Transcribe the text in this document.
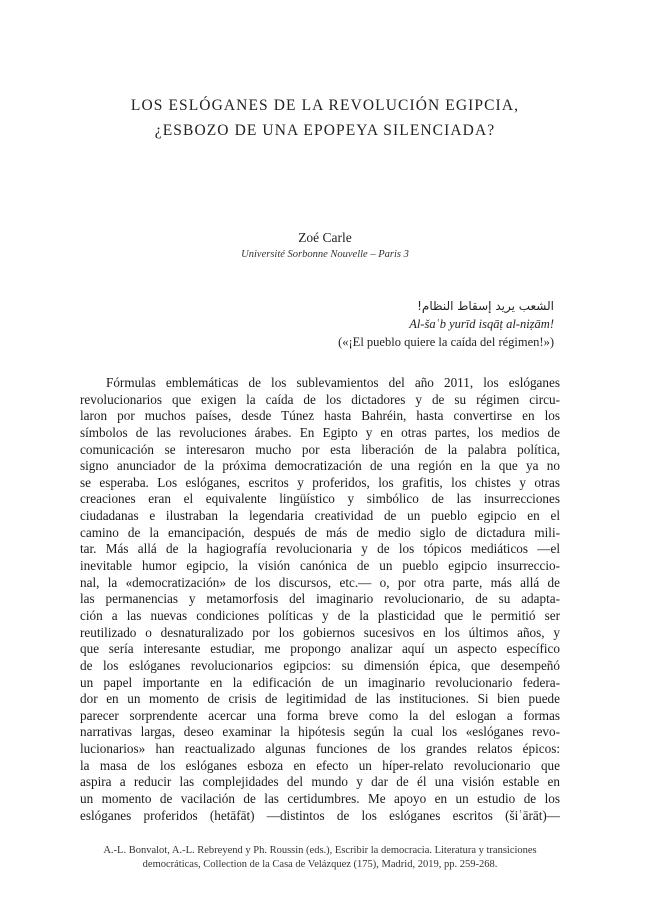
LOS ESLÓGANES DE LA REVOLUCIÓN EGIPCIA,
¿ESBOZO DE UNA EPOPEYA SILENCIADA?
Zoé Carle
Université Sorbonne Nouvelle – Paris 3
الشعب يريد إسقاط النظام!
Al-šaʿb yurīd isqāṭ al-niẓām!
(«¡El pueblo quiere la caída del régimen!»)
Fórmulas emblemáticas de los sublevamientos del año 2011, los eslóganes
revolucionarios que exigen la caída de los dictadores y de su régimen circu-
laron por muchos países, desde Túnez hasta Bahréin, hasta convertirse en los
símbolos de las revoluciones árabes. En Egipto y en otras partes, los medios de
comunicación se interesaron mucho por esta liberación de la palabra política,
signo anunciador de la próxima democratización de una región en la que ya no
se esperaba. Los eslóganes, escritos y proferidos, los grafitis, los chistes y otras
creaciones eran el equivalente lingüístico y simbólico de las insurrecciones
ciudadanas e ilustraban la legendaria creatividad de un pueblo egipcio en el
camino de la emancipación, después de más de medio siglo de dictadura mili-
tar. Más allá de la hagiografía revolucionaria y de los tópicos mediáticos —el
inevitable humor egipcio, la visión canónica de un pueblo egipcio insurreccio-
nal, la «democratización» de los discursos, etc.— o, por otra parte, más allá de
las permanencias y metamorfosis del imaginario revolucionario, de su adapta-
ción a las nuevas condiciones políticas y de la plasticidad que le permitió ser
reutilizado o desnaturalizado por los gobiernos sucesivos en los últimos años, y
que sería interesante estudiar, me propongo analizar aquí un aspecto específico
de los eslóganes revolucionarios egipcios: su dimensión épica, que desempeñó
un papel importante en la edificación de un imaginario revolucionario federa-
dor en un momento de crisis de legitimidad de las instituciones. Si bien puede
parecer sorprendente acercar una forma breve como la del eslogan a formas
narrativas largas, deseo examinar la hipótesis según la cual los «eslóganes revo-
lucionarios» han reactualizado algunas funciones de los grandes relatos épicos:
la masa de los eslóganes esboza en efecto un híper-relato revolucionario que
aspira a reducir las complejidades del mundo y dar de él una visión estable en
un momento de vacilación de las certidumbres. Me apoyo en un estudio de los
eslóganes proferidos (hetāfāt) —distintos de los eslóganes escritos (šiʿārāt)—
A.-L. Bonvalot, A.-L. Rebreyend y Ph. Roussin (eds.), Escribir la democracia. Literatura y transiciones
democráticas, Collection de la Casa de Velázquez (175), Madrid, 2019, pp. 259-268.
